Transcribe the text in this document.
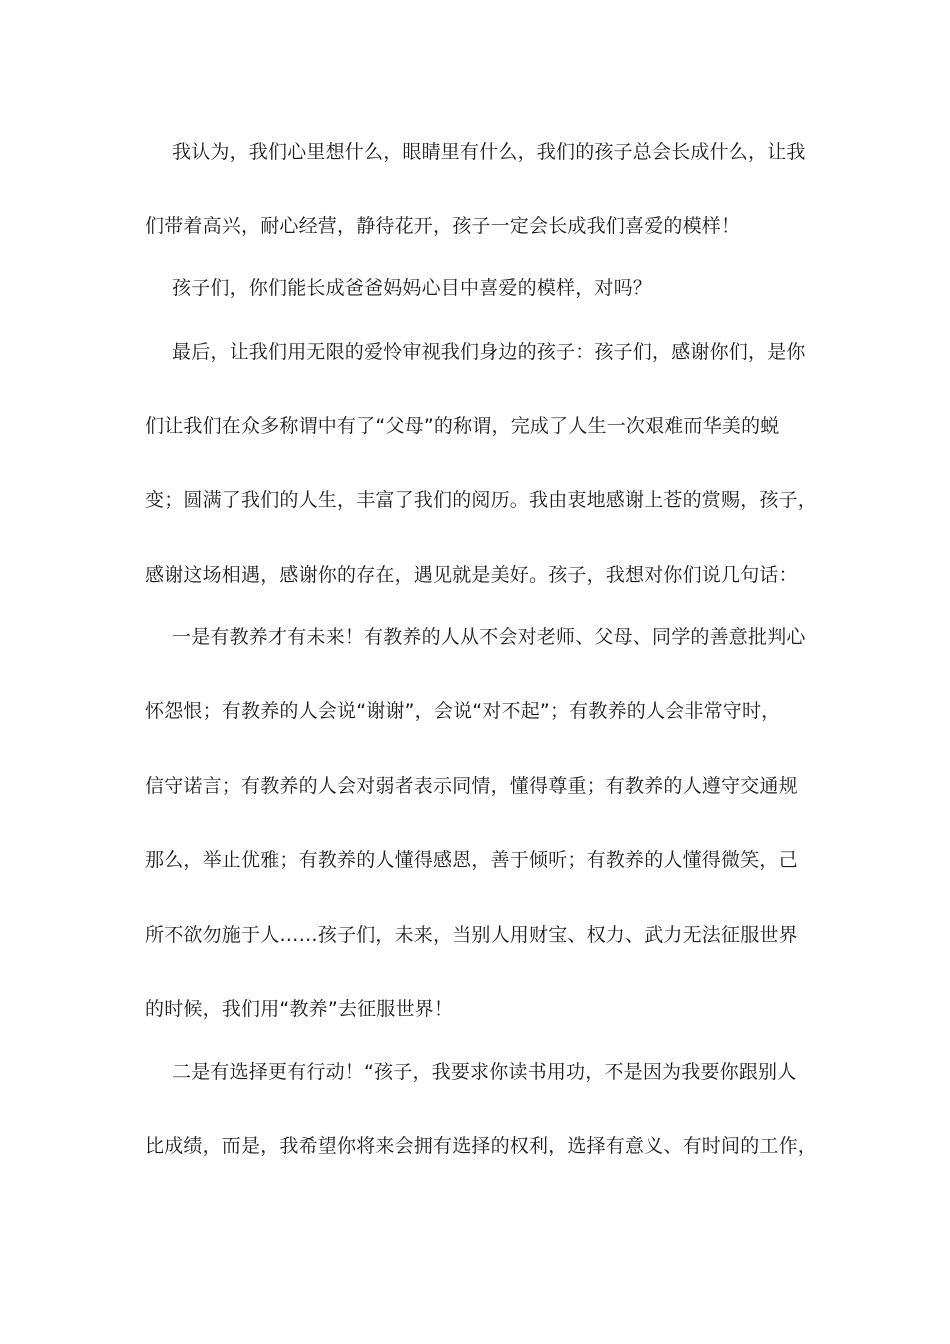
我认为，我们心里想什么，眼睛里有什么，我们的孩子总会长成什么，让我
们带着高兴，耐心经营，静待花开，孩子一定会长成我们喜爱的模样！
孩子们，你们能长成爸爸妈妈心目中喜爱的模样，对吗？
最后，让我们用无限的爱怜审视我们身边的孩子：孩子们，感谢你们，是你
们让我们在众多称谓中有了“父母”的称谓，完成了人生一次艰难而华美的蜕
变；圆满了我们的人生，丰富了我们的阅历。我由衷地感谢上苍的赏赐，孩子，
感谢这场相遇，感谢你的存在，遇见就是美好。孩子，我想对你们说几句话：
一是有教养才有未来！有教养的人从不会对老师、父母、同学的善意批判心
怀怨恨；有教养的人会说“谢谢”，会说“对不起”；有教养的人会非常守时，
信守诺言；有教养的人会对弱者表示同情，懂得尊重；有教养的人遵守交通规
那么，举止优雅；有教养的人懂得感恩，善于倾听；有教养的人懂得微笑，己
所不欲勿施于人……孩子们，未来，当别人用财宝、权力、武力无法征服世界
的时候，我们用“教养”去征服世界！
二是有选择更有行动！“孩子，我要求你读书用功，不是因为我要你跟别人
比成绩，而是，我希望你将来会拥有选择的权利，选择有意义、有时间的工作，
